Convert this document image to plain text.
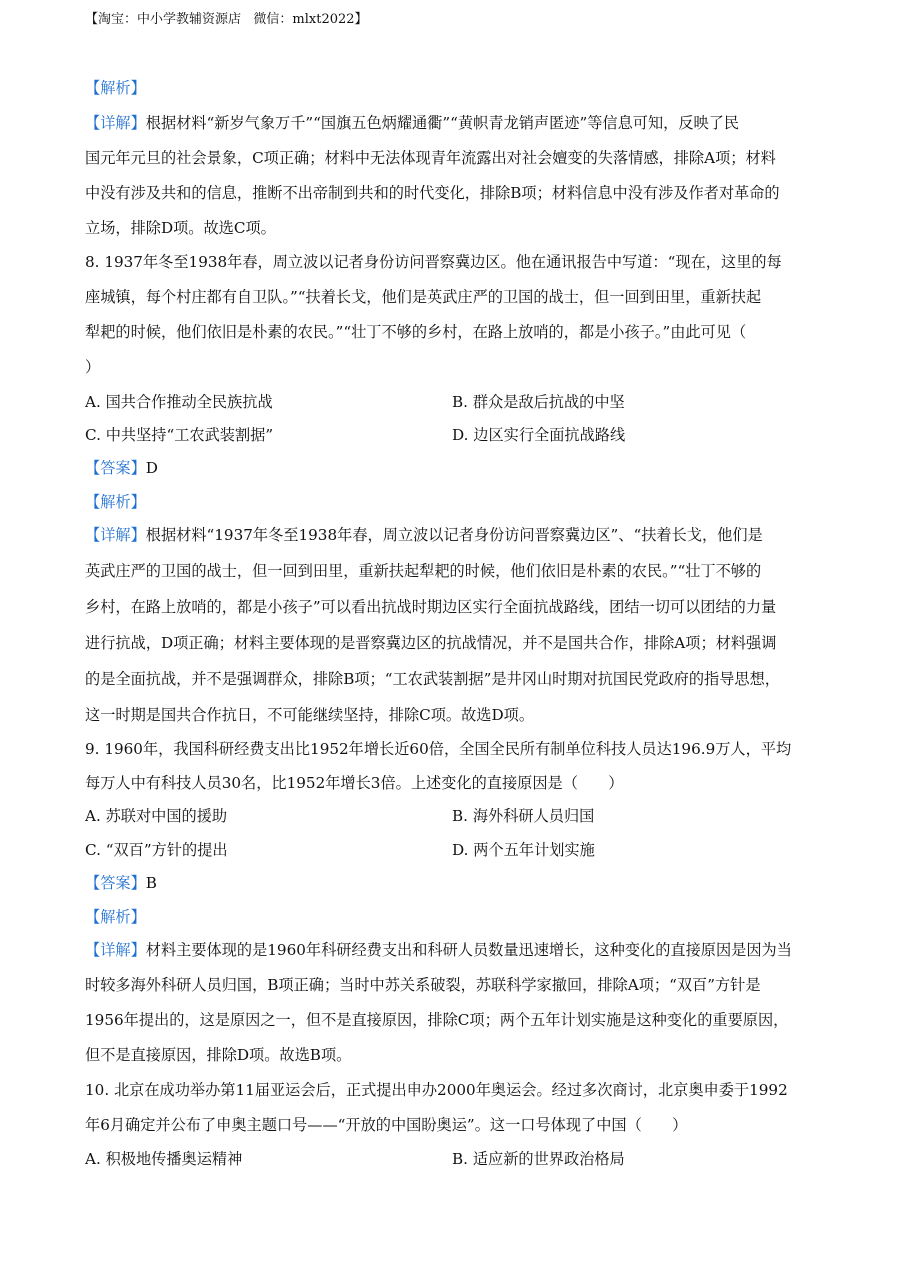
【淘宝：中小学教辅资源店   微信：mlxt2022】
【解析】
【详解】根据材料“新岁气象万千”“国旗五色炳耀通衢”“黄帜青龙销声匿迹”等信息可知，反映了民
国元年元旦的社会景象，C项正确；材料中无法体现青年流露出对社会嬗变的失落情感，排除A项；材料
中没有涉及共和的信息，推断不出帝制到共和的时代变化，排除B项；材料信息中没有涉及作者对革命的
立场，排除D项。故选C项。
8. 1937年冬至1938年春，周立波以记者身份访问晋察冀边区。他在通讯报告中写道：“现在，这里的每
座城镇，每个村庄都有自卫队。”“扶着长戈，他们是英武庄严的卫国的战士，但一回到田里，重新扶起
犁耙的时候，他们依旧是朴素的农民。”“壮丁不够的乡村，在路上放哨的，都是小孩子。”由此可见（
）
A. 国共合作推动全民族抗战	B. 群众是敌后抗战的中坚
C. 中共坚持“工农武装割据”	D. 边区实行全面抗战路线
【答案】D
【解析】
【详解】根据材料“1937年冬至1938年春，周立波以记者身份访问晋察冀边区”、“扶着长戈，他们是
英武庄严的卫国的战士，但一回到田里，重新扶起犁耙的时候，他们依旧是朴素的农民。”“壮丁不够的
乡村，在路上放哨的，都是小孩子”可以看出抗战时期边区实行全面抗战路线，团结一切可以团结的力量
进行抗战，D项正确；材料主要体现的是晋察冀边区的抗战情况，并不是国共合作，排除A项；材料强调
的是全面抗战，并不是强调群众，排除B项；“工农武装割据”是井冈山时期对抗国民党政府的指导思想，
这一时期是国共合作抗日，不可能继续坚持，排除C项。故选D项。
9. 1960年，我国科研经费支出比1952年增长近60倍，全国全民所有制单位科技人员达196.9万人，平均
每万人中有科技人员30名，比1952年增长3倍。上述变化的直接原因是（　　）
A. 苏联对中国的援助	B. 海外科研人员归国
C. “双百”方针的提出	D. 两个五年计划实施
【答案】B
【解析】
【详解】材料主要体现的是1960年科研经费支出和科研人员数量迅速增长，这种变化的直接原因是因为当
时较多海外科研人员归国，B项正确；当时中苏关系破裂，苏联科学家撤回，排除A项；“双百”方针是
1956年提出的，这是原因之一，但不是直接原因，排除C项；两个五年计划实施是这种变化的重要原因，
但不是直接原因，排除D项。故选B项。
10. 北京在成功举办第11届亚运会后，正式提出申办2000年奥运会。经过多次商讨，北京奥申委于1992
年6月确定并公布了申奥主题口号——“开放的中国盼奥运”。这一口号体现了中国（　　）
A. 积极地传播奥运精神	B. 适应新的世界政治格局
